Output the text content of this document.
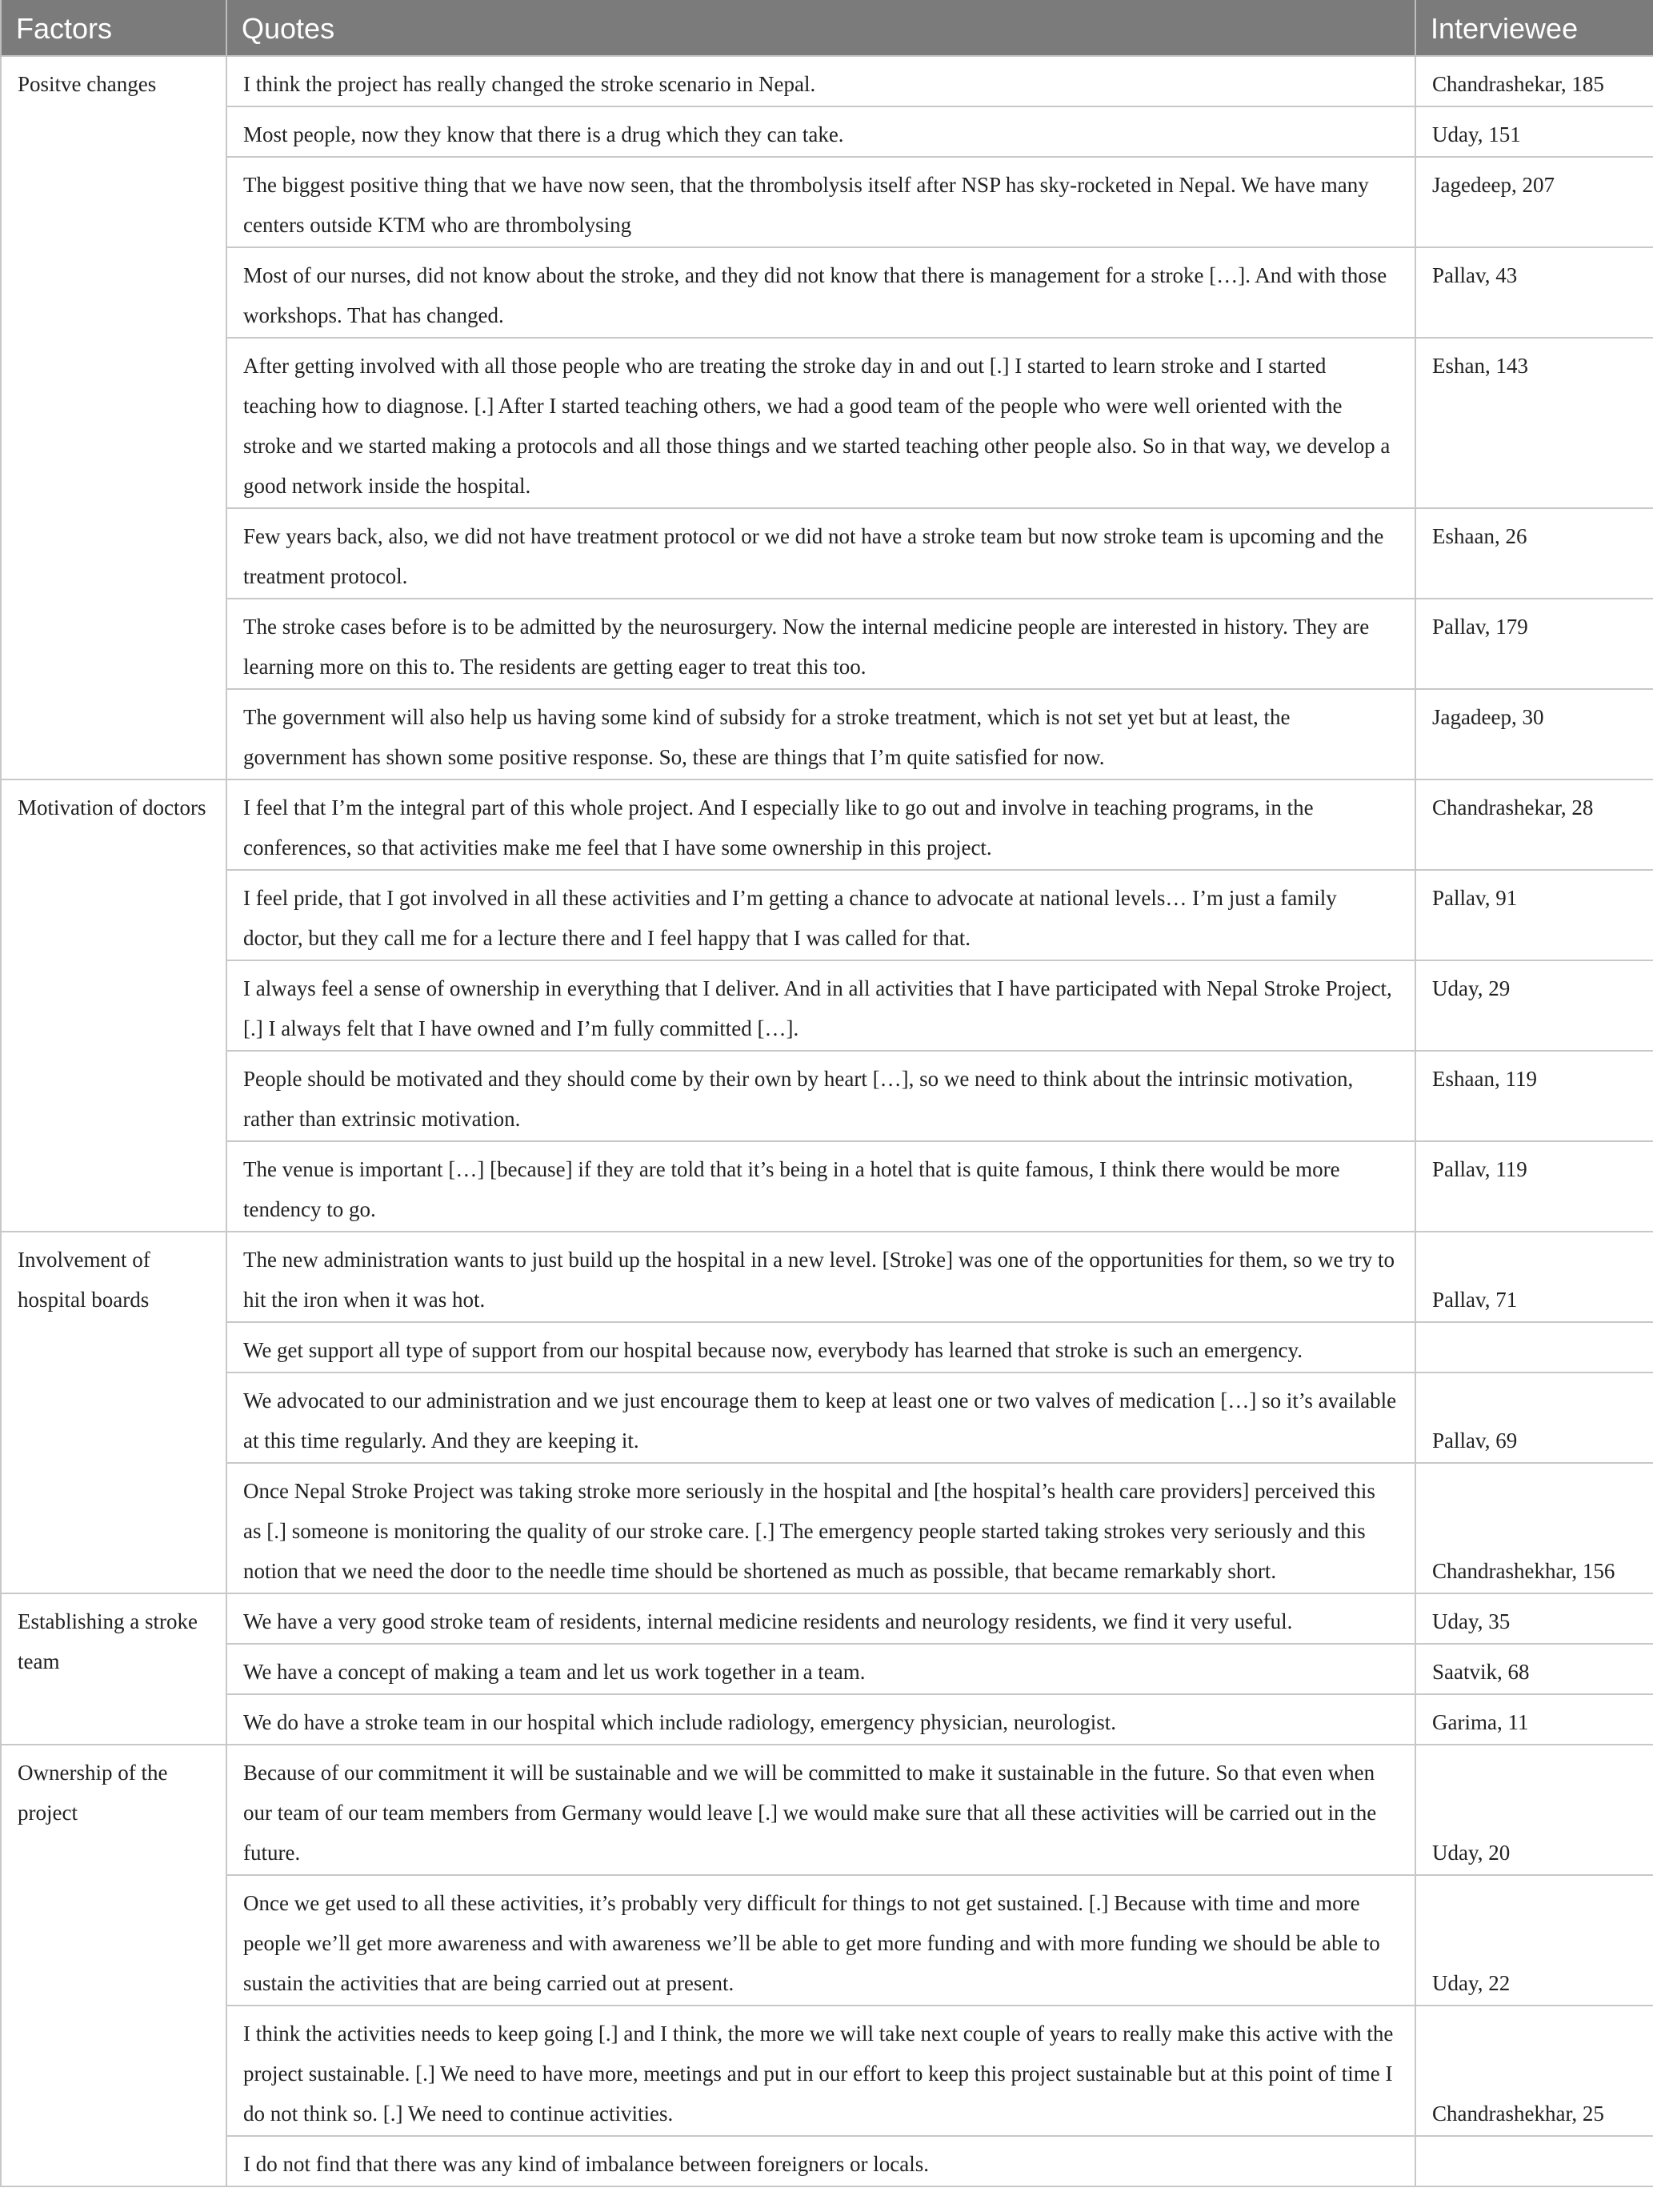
Factors	Quotes	Interviewee
Positve changes	I think the project has really changed the stroke scenario in Nepal.	Chandrashekar, 185
	Most people, now they know that there is a drug which they can take.	Uday, 151
	The biggest positive thing that we have now seen, that the thrombolysis itself after NSP has sky-rocketed in Nepal. We have many centers outside KTM who are thrombolysing	Jagedeep, 207
	Most of our nurses, did not know about the stroke, and they did not know that there is management for a stroke […]. And with those workshops. That has changed.	Pallav, 43
	After getting involved with all those people who are treating the stroke day in and out [.] I started to learn stroke and I started teaching how to diagnose. [.] After I started teaching others, we had a good team of the people who were well oriented with the stroke and we started making a protocols and all those things and we started teaching other people also. So in that way, we develop a good network inside the hospital.	Eshan, 143
	Few years back, also, we did not have treatment protocol or we did not have a stroke team but now stroke team is upcoming and the treatment protocol.	Eshaan, 26
	The stroke cases before is to be admitted by the neurosurgery. Now the internal medicine people are interested in history. They are learning more on this to. The residents are getting eager to treat this too.	Pallav, 179
	The government will also help us having some kind of subsidy for a stroke treatment, which is not set yet but at least, the government has shown some positive response. So, these are things that I’m quite satisfied for now.	Jagadeep, 30
Motivation of doctors	I feel that I’m the integral part of this whole project. And I especially like to go out and involve in teaching programs, in the conferences, so that activities make me feel that I have some ownership in this project.	Chandrashekar, 28
	I feel pride, that I got involved in all these activities and I’m getting a chance to advocate at national levels… I’m just a family doctor, but they call me for a lecture there and I feel happy that I was called for that.	Pallav, 91
	I always feel a sense of ownership in everything that I deliver. And in all activities that I have participated with Nepal Stroke Project, [.] I always felt that I have owned and I’m fully committed […].	Uday, 29
	People should be motivated and they should come by their own by heart […], so we need to think about the intrinsic motivation, rather than extrinsic motivation.	Eshaan, 119
	The venue is important […] [because] if they are told that it’s being in a hotel that is quite famous, I think there would be more tendency to go.	Pallav, 119
Involvement of hospital boards	The new administration wants to just build up the hospital in a new level. [Stroke] was one of the opportunities for them, so we try to hit the iron when it was hot.	Pallav, 71
	We get support all type of support from our hospital because now, everybody has learned that stroke is such an emergency.	
	We advocated to our administration and we just encourage them to keep at least one or two valves of medication […] so it’s available at this time regularly. And they are keeping it.	Pallav, 69
	Once Nepal Stroke Project was taking stroke more seriously in the hospital and [the hospital’s health care providers] perceived this as [.] someone is monitoring the quality of our stroke care. [.] The emergency people started taking strokes very seriously and this notion that we need the door to the needle time should be shortened as much as possible, that became remarkably short.	Chandrashekhar, 156
Establishing a stroke team	We have a very good stroke team of residents, internal medicine residents and neurology residents, we find it very useful.	Uday, 35
	We have a concept of making a team and let us work together in a team.	Saatvik, 68
	We do have a stroke team in our hospital which include radiology, emergency physician, neurologist.	Garima, 11
Ownership of the project	Because of our commitment it will be sustainable and we will be committed to make it sustainable in the future. So that even when our team of our team members from Germany would leave [.] we would make sure that all these activities will be carried out in the future.	Uday, 20
	Once we get used to all these activities, it’s probably very difficult for things to not get sustained. [.] Because with time and more people we’ll get more awareness and with awareness we’ll be able to get more funding and with more funding we should be able to sustain the activities that are being carried out at present.	Uday, 22
	I think the activities needs to keep going [.] and I think, the more we will take next couple of years to really make this active with the project sustainable. [.] We need to have more, meetings and put in our effort to keep this project sustainable but at this point of time I do not think so. [.] We need to continue activities.	Chandrashekhar, 25
	I do not find that there was any kind of imbalance between foreigners or locals.	
